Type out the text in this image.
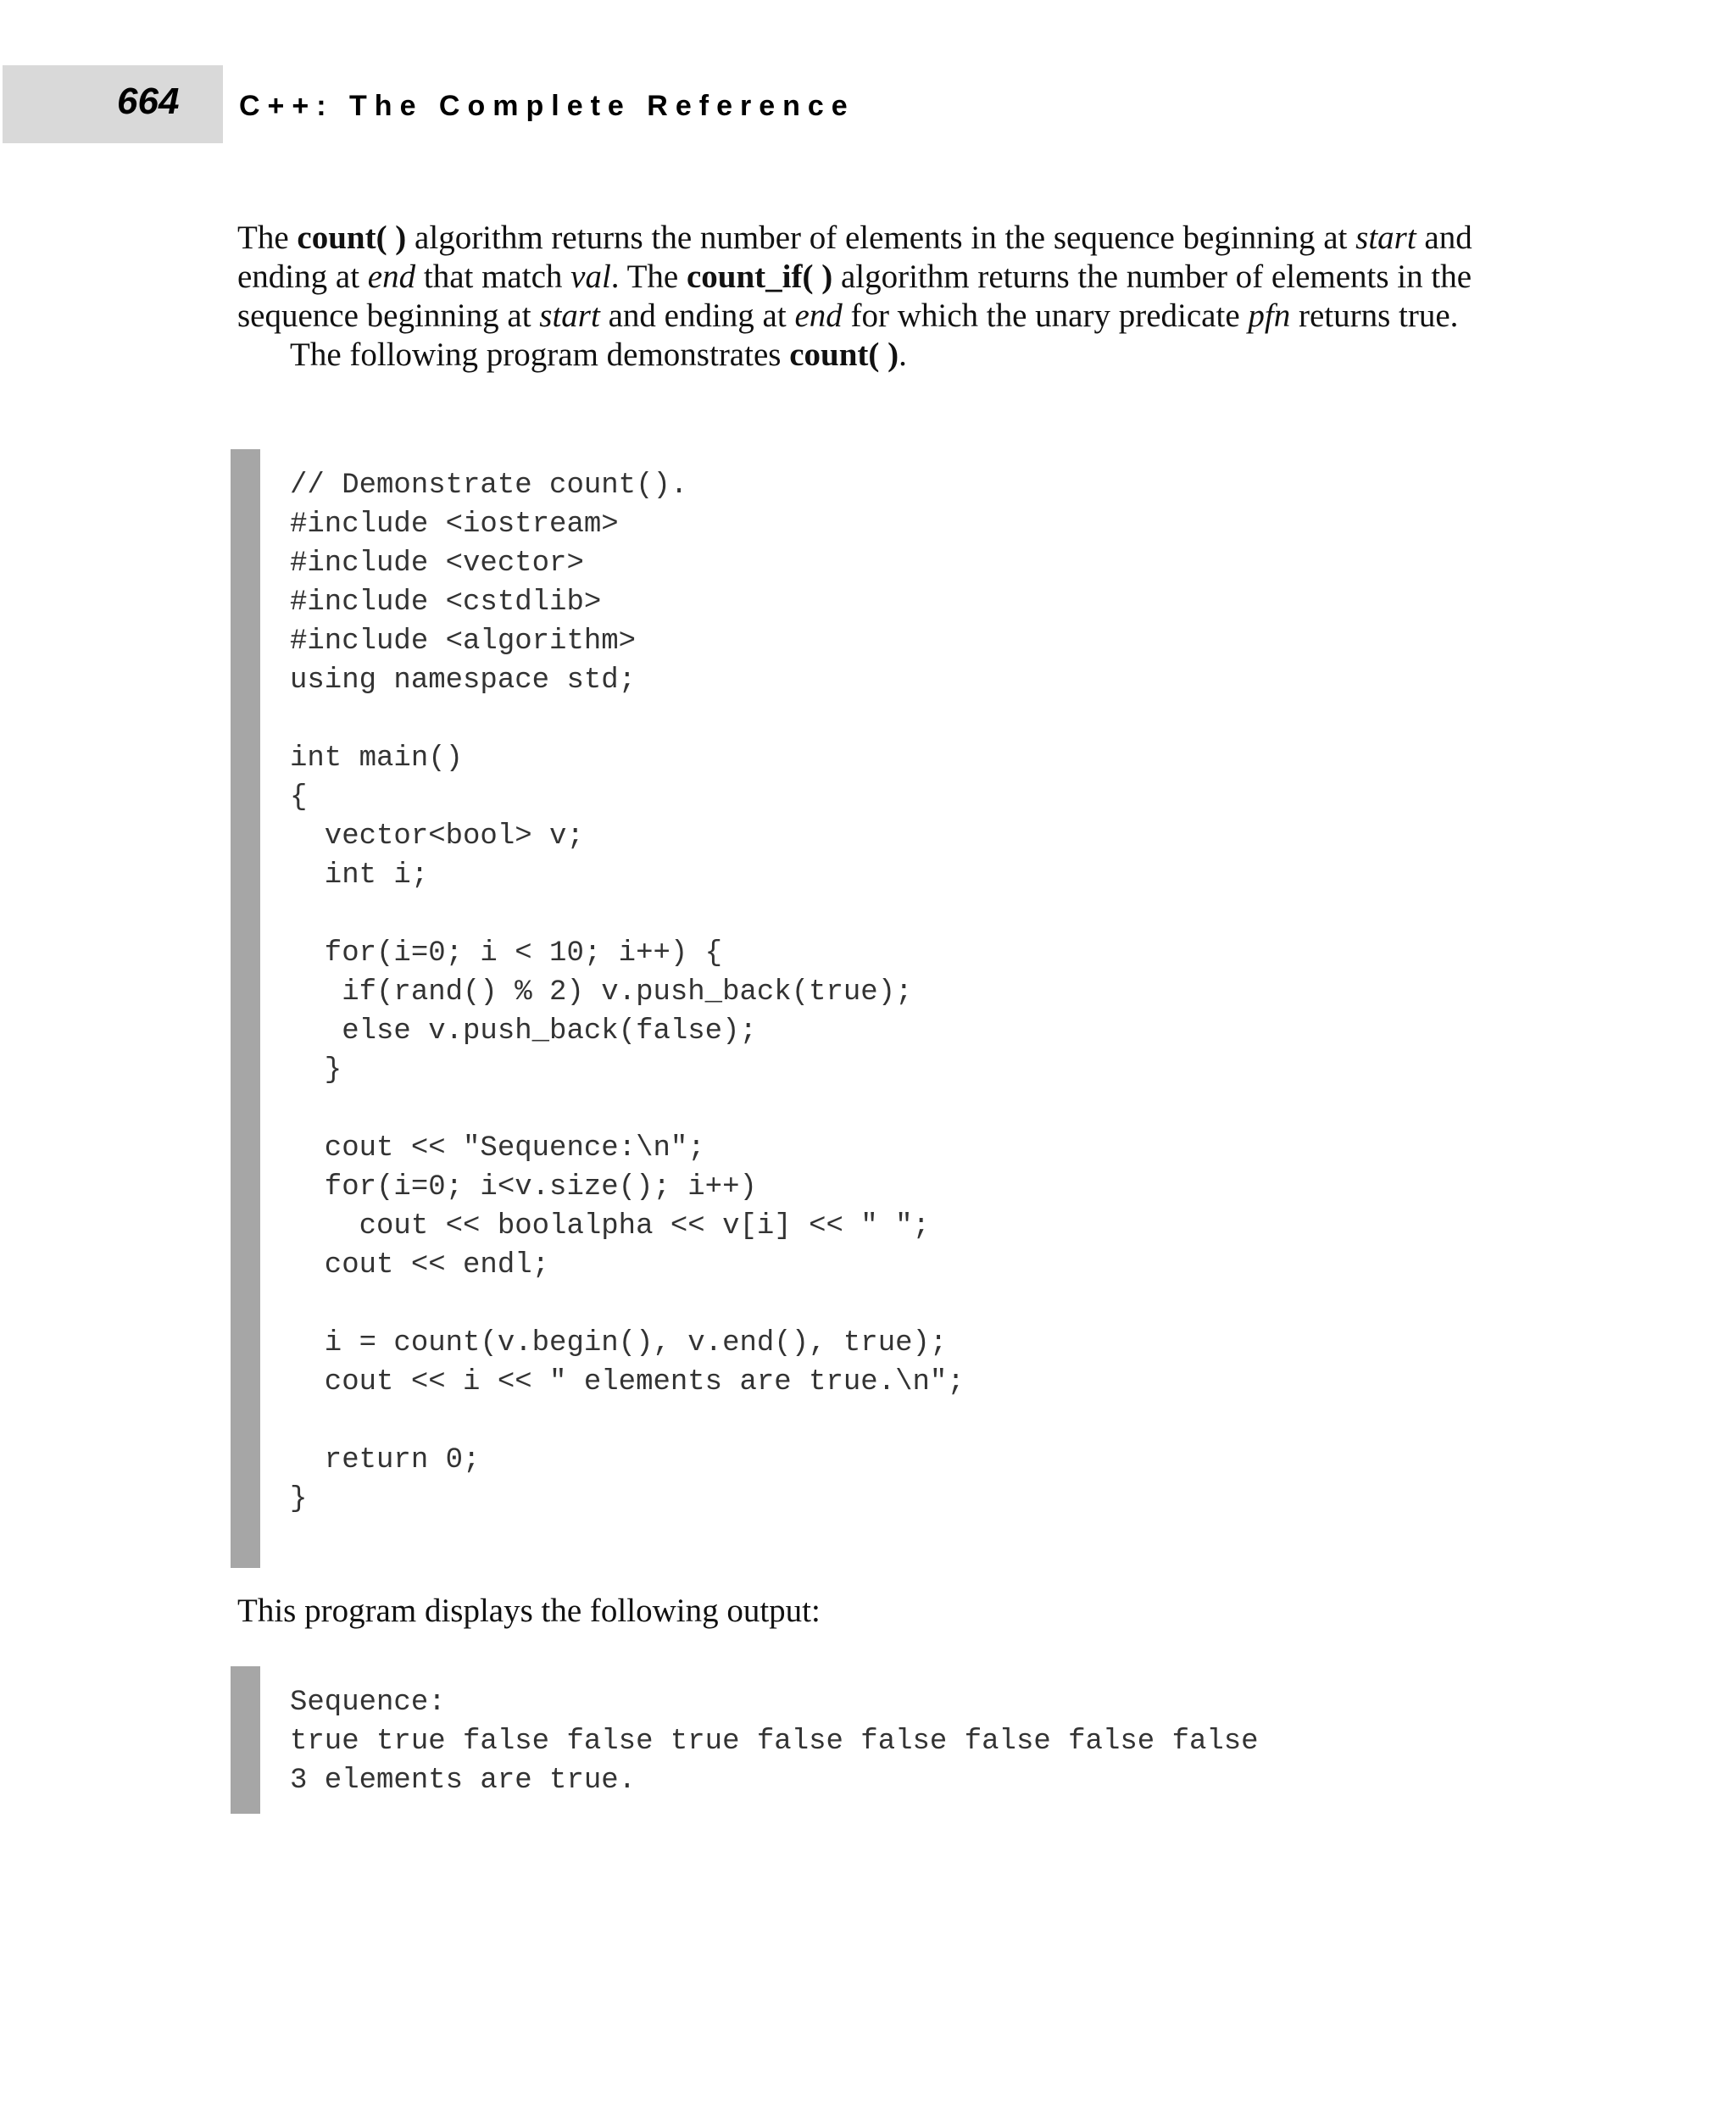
664 C++: The Complete Reference

The count( ) algorithm returns the number of elements in the sequence beginning at start and ending at end that match val. The count_if( ) algorithm returns the number of elements in the sequence beginning at start and ending at end for which the unary predicate pfn returns true.

The following program demonstrates count( ).

// Demonstrate count().
#include <iostream>
#include <vector>
#include <cstdlib>
#include <algorithm>
using namespace std;

int main()
{
vector<bool> v;
int i;

for(i=0; i < 10; i++) {
if(rand() % 2) v.push_back(true);
else v.push_back(false);
}

cout << "Sequence:\n";
for(i=0; i<v.size(); i++)
cout << boolalpha << v[i] << " ";
cout << endl;

i = count(v.begin(), v.end(), true);
cout << i << " elements are true.\n";

return 0;
}

This program displays the following output:

Sequence:
true true false false true false false false false false
3 elements are true.
